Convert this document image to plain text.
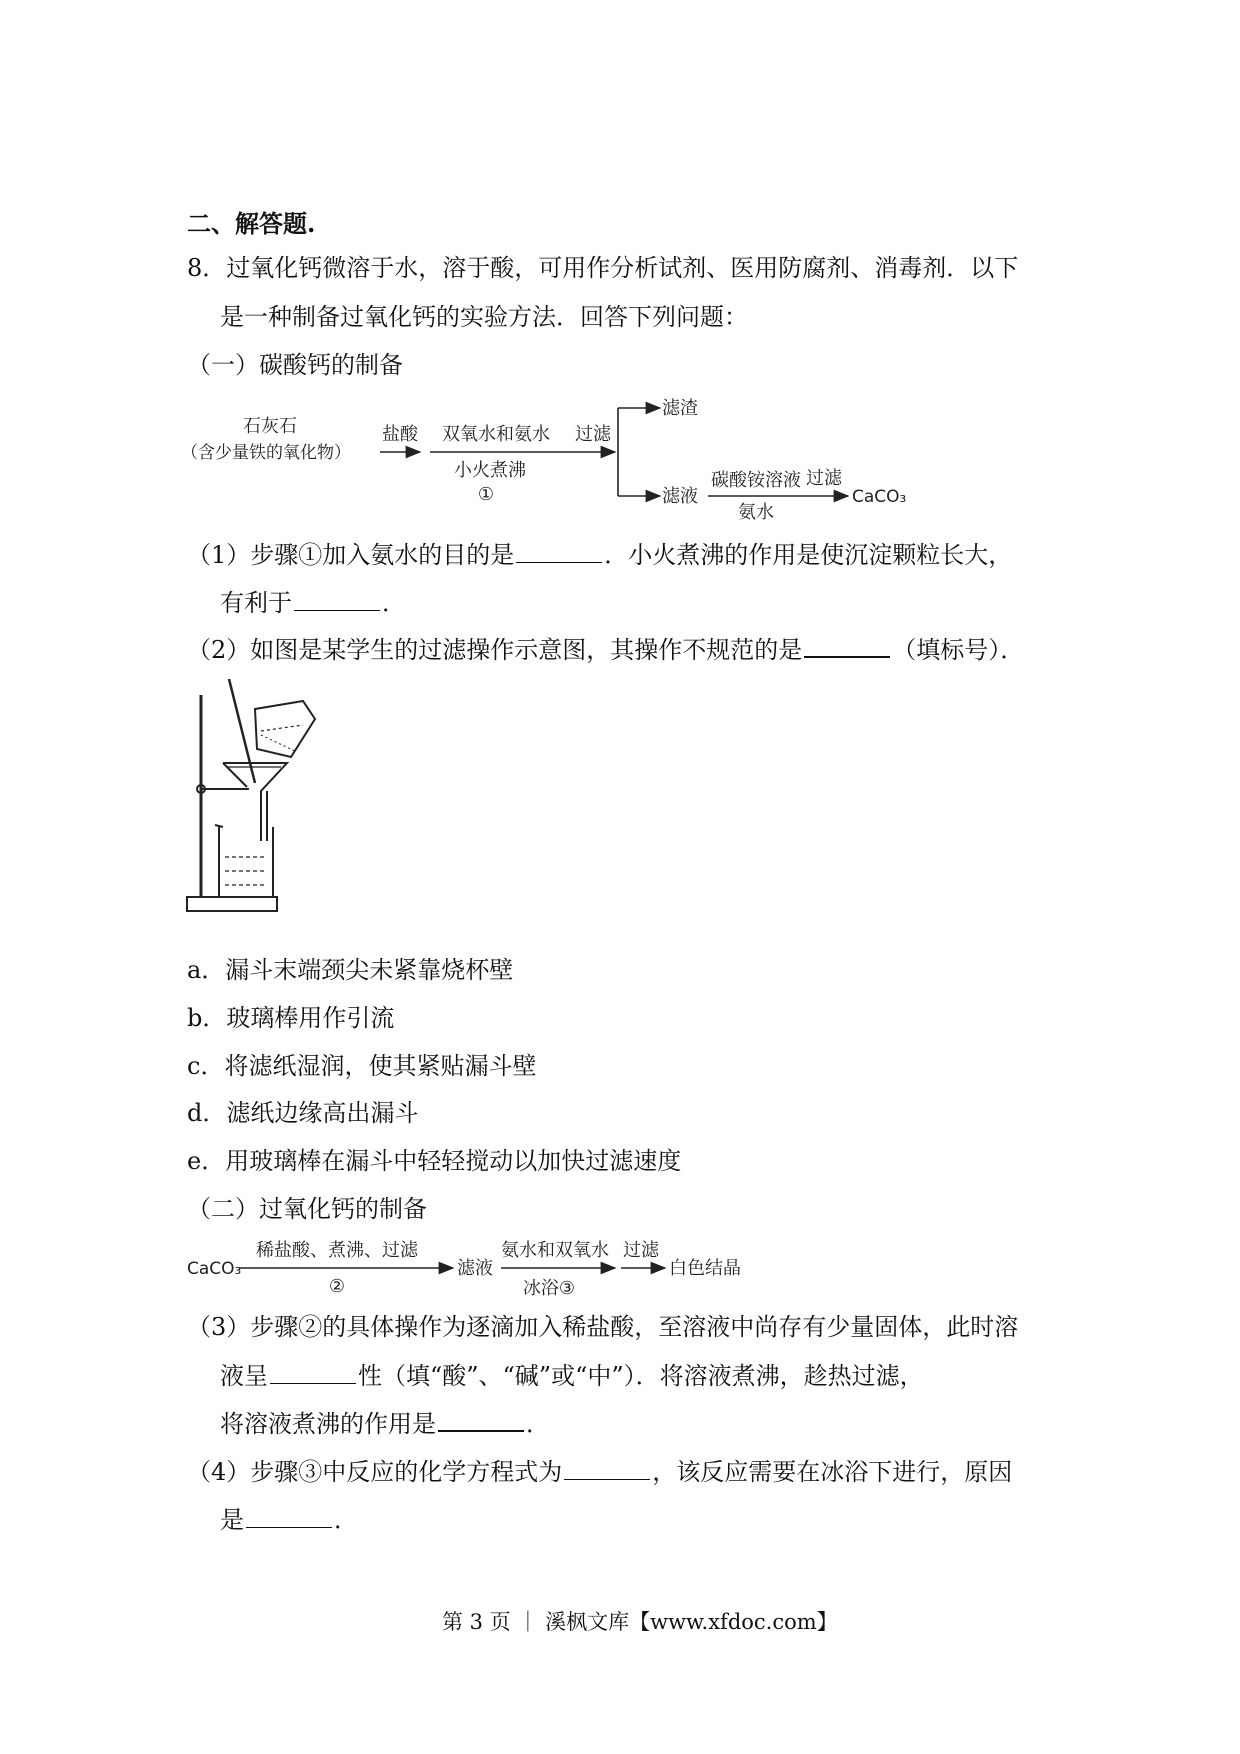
二、解答题.
8．过氧化钙微溶于水，溶于酸，可用作分析试剂、医用防腐剂、消毒剂．以下
是一种制备过氧化钙的实验方法．回答下列问题：
（一）碳酸钙的制备
石灰石
（含少量铁的氧化物）
盐酸 双氧水和氨水
小火煮沸
①
过滤
滤渣
滤液
碳酸铵溶液
氨水
过滤
CaCO₃
（1）步骤①加入氨水的目的是	．小火煮沸的作用是使沉淀颗粒长大，
有利于	．
（2）如图是某学生的过滤操作示意图，其操作不规范的是	（填标号）．
a．漏斗末端颈尖未紧靠烧杯壁
b．玻璃棒用作引流
c．将滤纸湿润，使其紧贴漏斗壁
d．滤纸边缘高出漏斗
e．用玻璃棒在漏斗中轻轻搅动以加快过滤速度
（二）过氧化钙的制备
CaCO₃
稀盐酸、煮沸、过滤
②
滤液
氨水和双氧水
冰浴③
过滤
白色结晶
（3）步骤②的具体操作为逐滴加入稀盐酸，至溶液中尚存有少量固体，此时溶
液呈	性（填“酸”、“碱”或“中”）．将溶液煮沸，趁热过滤，
将溶液煮沸的作用是	．
（4）步骤③中反应的化学方程式为	，该反应需要在冰浴下进行，原因
是	．
第 3 页 ｜ 溪枫文库【www.xfdoc.com】
